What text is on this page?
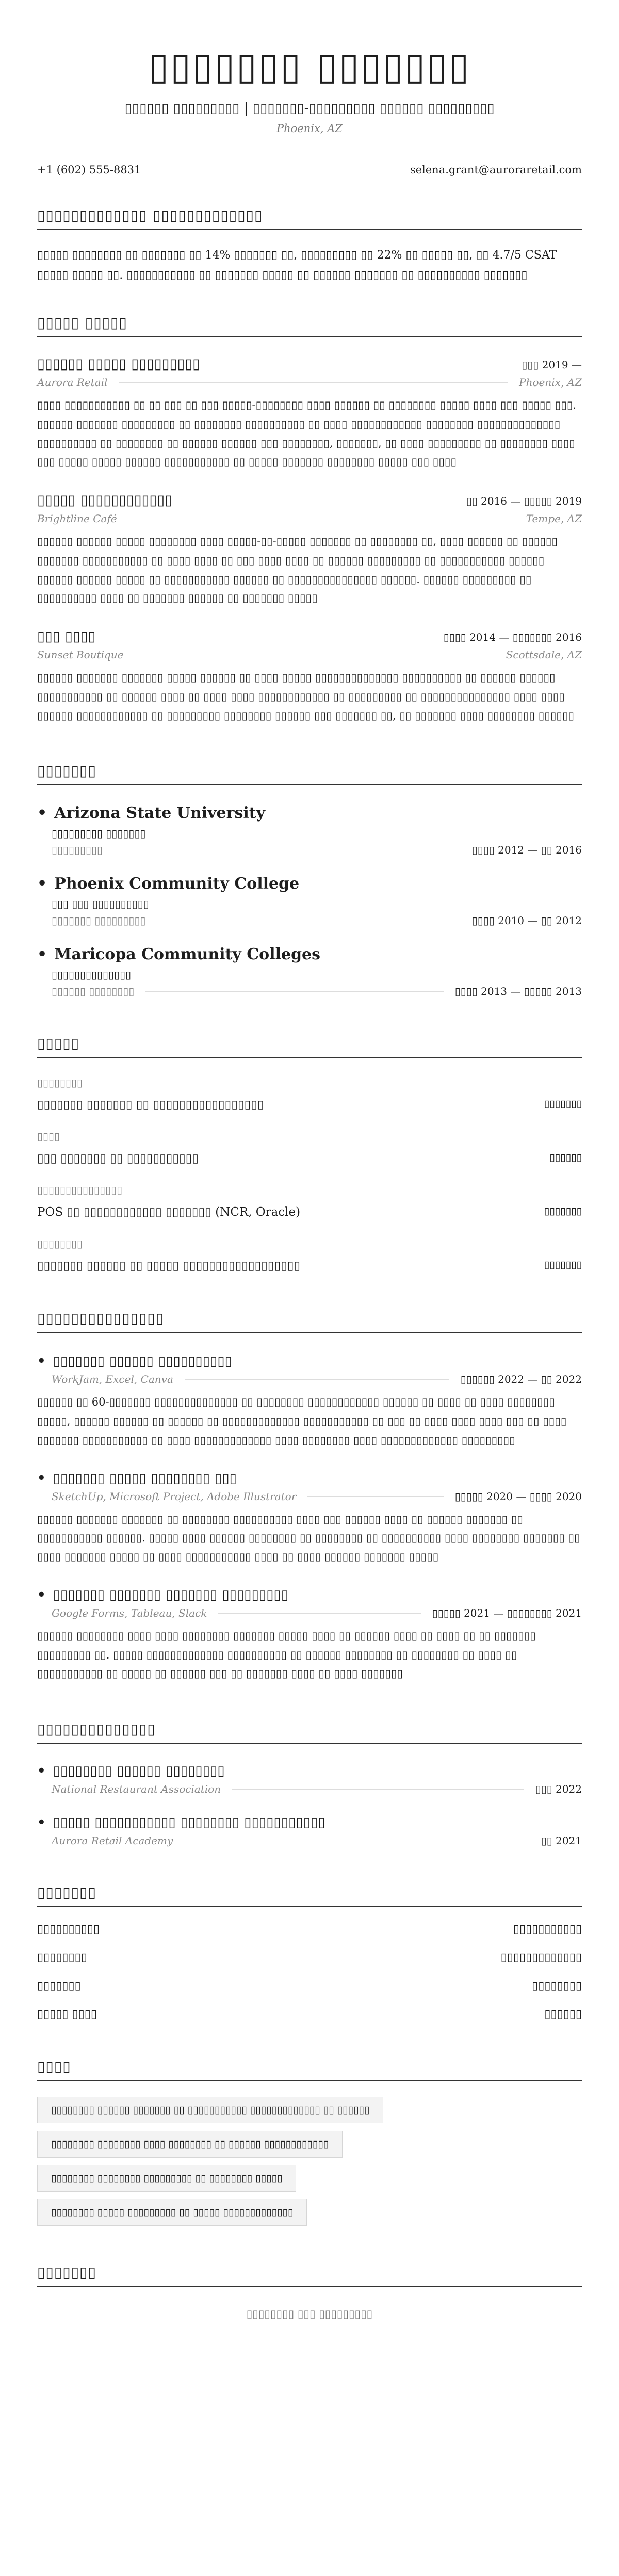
▯▯▯▯▯▯▯ ▯▯▯▯▯▯▯
▯▯▯▯▯▯ ▯▯▯▯▯▯▯▯▯ | ▯▯▯▯▯▯▯-▯▯▯▯▯▯▯▯▯ ▯▯▯▯▯▯ ▯▯▯▯▯▯▯▯▯
Phoenix, AZ
+1 (602) 555-8831	selena.grant@auroraretail.com
▯▯▯▯▯▯▯▯▯▯▯▯▯ ▯▯▯▯▯▯▯▯▯▯▯▯▯
▯▯▯▯▯ ▯▯▯▯▯▯▯▯ ▯▯ ▯▯▯▯▯▯▯ ▯▯ 14% ▯▯▯▯▯▯▯ ▯▯, ▯▯▯▯▯▯▯▯▯ ▯▯ 22% ▯▯ ▯▯▯▯▯ ▯▯, ▯▯ 4.7/5 CSAT ▯▯▯▯▯ ▯▯▯▯▯ ▯▯. ▯▯▯▯▯▯▯▯▯▯▯ ▯▯ ▯▯▯▯▯▯▯ ▯▯▯▯▯ ▯▯ ▯▯▯▯▯▯ ▯▯▯▯▯▯▯ ▯▯ ▯▯▯▯▯▯▯▯▯▯ ▯▯▯▯▯▯▯
▯▯▯▯▯ ▯▯▯▯▯
▯▯▯▯▯▯ ▯▯▯▯▯ ▯▯▯▯▯▯▯▯▯	▯▯▯ 2019 —
Aurora Retail	Phoenix, AZ
▯▯▯▯ ▯▯▯▯▯▯▯▯▯▯▯ ▯▯ ▯▯ ▯▯▯ ▯▯ ▯▯▯ ▯▯▯▯▯-▯▯▯▯▯▯▯▯ ▯▯▯▯ ▯▯▯▯▯▯ ▯▯ ▯▯▯▯▯▯▯▯ ▯▯▯▯▯ ▯▯▯▯ ▯▯▯ ▯▯▯▯▯ ▯▯▯. ▯▯▯▯▯▯ ▯▯▯▯▯▯▯ ▯▯▯▯▯▯▯▯▯ ▯▯ ▯▯▯▯▯▯▯▯ ▯▯▯▯▯▯▯▯▯▯ ▯▯ ▯▯▯▯ ▯▯▯▯▯▯▯▯▯▯▯▯ ▯▯▯▯▯▯▯▯ ▯▯▯▯▯▯▯▯▯▯▯▯▯▯ ▯▯▯▯▯▯▯▯▯▯ ▯▯ ▯▯▯▯▯▯▯▯ ▯▯ ▯▯▯▯▯▯ ▯▯▯▯▯▯ ▯▯▯ ▯▯▯▯▯▯▯▯, ▯▯▯▯▯▯▯, ▯▯ ▯▯▯▯ ▯▯▯▯▯▯▯▯▯ ▯▯ ▯▯▯▯▯▯▯▯ ▯▯▯▯ ▯▯▯ ▯▯▯▯▯ ▯▯▯▯▯ ▯▯▯▯▯▯ ▯▯▯▯▯▯▯▯▯▯▯ ▯▯ ▯▯▯▯▯ ▯▯▯▯▯▯▯ ▯▯▯▯▯▯▯▯ ▯▯▯▯▯ ▯▯▯ ▯▯▯▯
▯▯▯▯▯ ▯▯▯▯▯▯▯▯▯▯▯▯	▯▯ 2016 — ▯▯▯▯▯ 2019
Brightline Café	Tempe, AZ
▯▯▯▯▯▯ ▯▯▯▯▯▯ ▯▯▯▯▯ ▯▯▯▯▯▯▯▯ ▯▯▯▯ ▯▯▯▯▯-▯▯-▯▯▯▯▯ ▯▯▯▯▯▯▯ ▯▯ ▯▯▯▯▯▯▯▯ ▯▯, ▯▯▯▯ ▯▯▯▯▯▯ ▯▯ ▯▯▯▯▯▯ ▯▯▯▯▯▯▯ ▯▯▯▯▯▯▯▯▯▯▯ ▯▯ ▯▯▯▯ ▯▯▯▯ ▯▯ ▯▯▯ ▯▯▯▯ ▯▯▯▯ ▯▯ ▯▯▯▯▯▯ ▯▯▯▯▯▯▯▯▯ ▯▯ ▯▯▯▯▯▯▯▯▯▯▯ ▯▯▯▯▯▯ ▯▯▯▯▯▯ ▯▯▯▯▯▯ ▯▯▯▯▯ ▯▯ ▯▯▯▯▯▯▯▯▯▯▯ ▯▯▯▯▯▯ ▯▯ ▯▯▯▯▯▯▯▯▯▯▯▯▯▯▯ ▯▯▯▯▯▯. ▯▯▯▯▯▯ ▯▯▯▯▯▯▯▯▯ ▯▯ ▯▯▯▯▯▯▯▯▯▯ ▯▯▯▯ ▯▯ ▯▯▯▯▯▯▯ ▯▯▯▯▯▯ ▯▯ ▯▯▯▯▯▯▯ ▯▯▯▯▯
▯▯▯ ▯▯▯▯	▯▯▯▯ 2014 — ▯▯▯▯▯▯▯ 2016
Sunset Boutique	Scottsdale, AZ
▯▯▯▯▯▯ ▯▯▯▯▯▯▯ ▯▯▯▯▯▯▯ ▯▯▯▯▯ ▯▯▯▯▯▯ ▯▯ ▯▯▯▯ ▯▯▯▯▯ ▯▯▯▯▯▯▯▯▯▯▯▯▯▯ ▯▯▯▯▯▯▯▯▯▯ ▯▯ ▯▯▯▯▯▯ ▯▯▯▯▯▯ ▯▯▯▯▯▯▯▯▯▯▯ ▯▯ ▯▯▯▯▯▯ ▯▯▯▯ ▯▯ ▯▯▯▯ ▯▯▯▯ ▯▯▯▯▯▯▯▯▯▯▯▯ ▯▯ ▯▯▯▯▯▯▯▯▯ ▯▯ ▯▯▯▯▯▯▯▯▯▯▯▯▯▯▯ ▯▯▯▯ ▯▯▯▯ ▯▯▯▯▯▯ ▯▯▯▯▯▯▯▯▯▯▯▯ ▯▯ ▯▯▯▯▯▯▯▯▯ ▯▯▯▯▯▯▯▯ ▯▯▯▯▯▯ ▯▯▯ ▯▯▯▯▯▯▯ ▯▯, ▯▯ ▯▯▯▯▯▯▯ ▯▯▯▯ ▯▯▯▯▯▯▯▯ ▯▯▯▯▯▯
▯▯▯▯▯▯▯
• Arizona State University
▯▯▯▯▯▯▯▯▯ ▯▯▯▯▯▯▯
▯▯▯▯▯▯▯▯▯	▯▯▯▯ 2012 — ▯▯ 2016
• Phoenix Community College
▯▯▯ ▯▯▯ ▯▯▯▯▯▯▯▯▯▯
▯▯▯▯▯▯▯ ▯▯▯▯▯▯▯▯▯	▯▯▯▯ 2010 — ▯▯ 2012
• Maricopa Community Colleges
▯▯▯▯▯▯▯▯▯▯▯▯▯▯
▯▯▯▯▯▯ ▯▯▯▯▯▯▯▯	▯▯▯▯ 2013 — ▯▯▯▯▯ 2013
▯▯▯▯▯
▯▯▯▯▯▯▯▯
▯▯▯▯▯▯▯ ▯▯▯▯▯▯▯ ▯▯ ▯▯▯▯▯▯▯▯▯▯▯▯▯▯▯▯▯	▯▯▯▯▯▯▯
▯▯▯▯
▯▯▯ ▯▯▯▯▯▯▯ ▯▯ ▯▯▯▯▯▯▯▯▯▯▯	▯▯▯▯▯▯
▯▯▯▯▯▯▯▯▯▯▯▯▯▯▯
POS ▯▯ ▯▯▯▯▯▯▯▯▯▯▯▯ ▯▯▯▯▯▯▯ (NCR, Oracle)	▯▯▯▯▯▯▯
▯▯▯▯▯▯▯▯
▯▯▯▯▯▯▯ ▯▯▯▯▯▯ ▯▯ ▯▯▯▯▯ ▯▯▯▯▯▯▯▯▯▯▯▯▯▯▯▯▯▯	▯▯▯▯▯▯▯
▯▯▯▯▯▯▯▯▯▯▯▯▯▯▯
• ▯▯▯▯▯▯▯ ▯▯▯▯▯▯ ▯▯▯▯▯▯▯▯▯▯
WorkJam, Excel, Canva	▯▯▯▯▯▯ 2022 — ▯▯ 2022
▯▯▯▯▯▯ ▯▯ 60-▯▯▯▯▯▯▯ ▯▯▯▯▯▯▯▯▯▯▯▯▯▯ ▯▯ ▯▯▯▯▯▯▯▯ ▯▯▯▯▯▯▯▯▯▯▯▯ ▯▯▯▯▯▯ ▯▯ ▯▯▯▯ ▯▯ ▯▯▯▯ ▯▯▯▯▯▯▯▯ ▯▯▯▯▯, ▯▯▯▯▯▯ ▯▯▯▯▯▯ ▯▯ ▯▯▯▯▯▯ ▯▯ ▯▯▯▯▯▯▯▯▯▯▯▯▯ ▯▯▯▯▯▯▯▯▯▯▯ ▯▯ ▯▯▯ ▯▯ ▯▯▯▯ ▯▯▯▯ ▯▯▯▯ ▯▯▯ ▯▯ ▯▯▯▯ ▯▯▯▯▯▯▯ ▯▯▯▯▯▯▯▯▯▯▯ ▯▯ ▯▯▯▯ ▯▯▯▯▯▯▯▯▯▯▯▯▯ ▯▯▯▯ ▯▯▯▯▯▯▯▯ ▯▯▯▯ ▯▯▯▯▯▯▯▯▯▯▯▯▯ ▯▯▯▯▯▯▯▯▯
• ▯▯▯▯▯▯▯ ▯▯▯▯▯ ▯▯▯▯▯▯▯▯ ▯▯▯
SketchUp, Microsoft Project, Adobe Illustrator	▯▯▯▯▯ 2020 — ▯▯▯▯ 2020
▯▯▯▯▯▯ ▯▯▯▯▯▯▯ ▯▯▯▯▯▯▯ ▯▯ ▯▯▯▯▯▯▯▯ ▯▯▯▯▯▯▯▯▯▯ ▯▯▯▯ ▯▯▯ ▯▯▯▯▯▯ ▯▯▯▯ ▯▯ ▯▯▯▯▯▯ ▯▯▯▯▯▯▯ ▯▯ ▯▯▯▯▯▯▯▯▯▯▯ ▯▯▯▯▯▯. ▯▯▯▯▯ ▯▯▯▯ ▯▯▯▯▯▯ ▯▯▯▯▯▯▯▯ ▯▯ ▯▯▯▯▯▯▯▯ ▯▯ ▯▯▯▯▯▯▯▯▯▯ ▯▯▯▯ ▯▯▯▯▯▯▯▯ ▯▯▯▯▯▯▯ ▯▯ ▯▯▯▯ ▯▯▯▯▯▯▯ ▯▯▯▯▯ ▯▯ ▯▯▯▯ ▯▯▯▯▯▯▯▯▯▯▯ ▯▯▯▯ ▯▯ ▯▯▯▯ ▯▯▯▯▯▯ ▯▯▯▯▯▯▯ ▯▯▯▯▯
• ▯▯▯▯▯▯▯ ▯▯▯▯▯▯▯ ▯▯▯▯▯▯▯ ▯▯▯▯▯▯▯▯▯
Google Forms, Tableau, Slack	▯▯▯▯▯ 2021 — ▯▯▯▯▯▯▯▯ 2021
▯▯▯▯▯▯ ▯▯▯▯▯▯▯▯ ▯▯▯▯ ▯▯▯▯ ▯▯▯▯▯▯▯▯ ▯▯▯▯▯▯▯ ▯▯▯▯▯ ▯▯▯▯ ▯▯ ▯▯▯▯▯▯ ▯▯▯▯ ▯▯ ▯▯▯▯ ▯▯ ▯▯ ▯▯▯▯▯▯▯ ▯▯▯▯▯▯▯▯▯ ▯▯. ▯▯▯▯▯ ▯▯▯▯▯▯▯▯▯▯▯▯▯ ▯▯▯▯▯▯▯▯▯▯ ▯▯ ▯▯▯▯▯▯ ▯▯▯▯▯▯▯▯ ▯▯ ▯▯▯▯▯▯▯▯ ▯▯ ▯▯▯▯ ▯▯ ▯▯▯▯▯▯▯▯▯▯▯ ▯▯ ▯▯▯▯▯ ▯▯ ▯▯▯▯▯▯ ▯▯▯ ▯▯ ▯▯▯▯▯▯▯ ▯▯▯▯ ▯▯ ▯▯▯▯ ▯▯▯▯▯▯▯
▯▯▯▯▯▯▯▯▯▯▯▯▯▯
• ▯▯▯▯▯▯▯▯ ▯▯▯▯▯▯ ▯▯▯▯▯▯▯▯
National Restaurant Association	▯▯▯ 2022
• ▯▯▯▯▯ ▯▯▯▯▯▯▯▯▯▯▯ ▯▯▯▯▯▯▯▯ ▯▯▯▯▯▯▯▯▯▯▯
Aurora Retail Academy	▯▯ 2021
▯▯▯▯▯▯▯
▯▯▯▯▯▯▯▯▯▯	▯▯▯▯▯▯▯▯▯▯▯
▯▯▯▯▯▯▯▯	▯▯▯▯▯▯▯▯▯▯▯▯▯
▯▯▯▯▯▯▯	▯▯▯▯▯▯▯▯
▯▯▯▯▯ ▯▯▯▯	▯▯▯▯▯▯
▯▯▯▯
▯▯▯▯▯▯▯▯ ▯▯▯▯▯▯ ▯▯▯▯▯▯▯ ▯▯ ▯▯▯▯▯▯▯▯▯▯▯ ▯▯▯▯▯▯▯▯▯▯▯▯▯ ▯▯ ▯▯▯▯▯▯
▯▯▯▯▯▯▯▯ ▯▯▯▯▯▯▯▯ ▯▯▯▯ ▯▯▯▯▯▯▯▯ ▯▯ ▯▯▯▯▯▯ ▯▯▯▯▯▯▯▯▯▯▯▯
▯▯▯▯▯▯▯▯ ▯▯▯▯▯▯▯▯ ▯▯▯▯▯▯▯▯▯ ▯▯ ▯▯▯▯▯▯▯▯ ▯▯▯▯▯
▯▯▯▯▯▯▯▯ ▯▯▯▯▯ ▯▯▯▯▯▯▯▯▯ ▯▯ ▯▯▯▯▯ ▯▯▯▯▯▯▯▯▯▯▯▯▯
▯▯▯▯▯▯▯
▯▯▯▯▯▯▯▯ ▯▯▯ ▯▯▯▯▯▯▯▯▯
